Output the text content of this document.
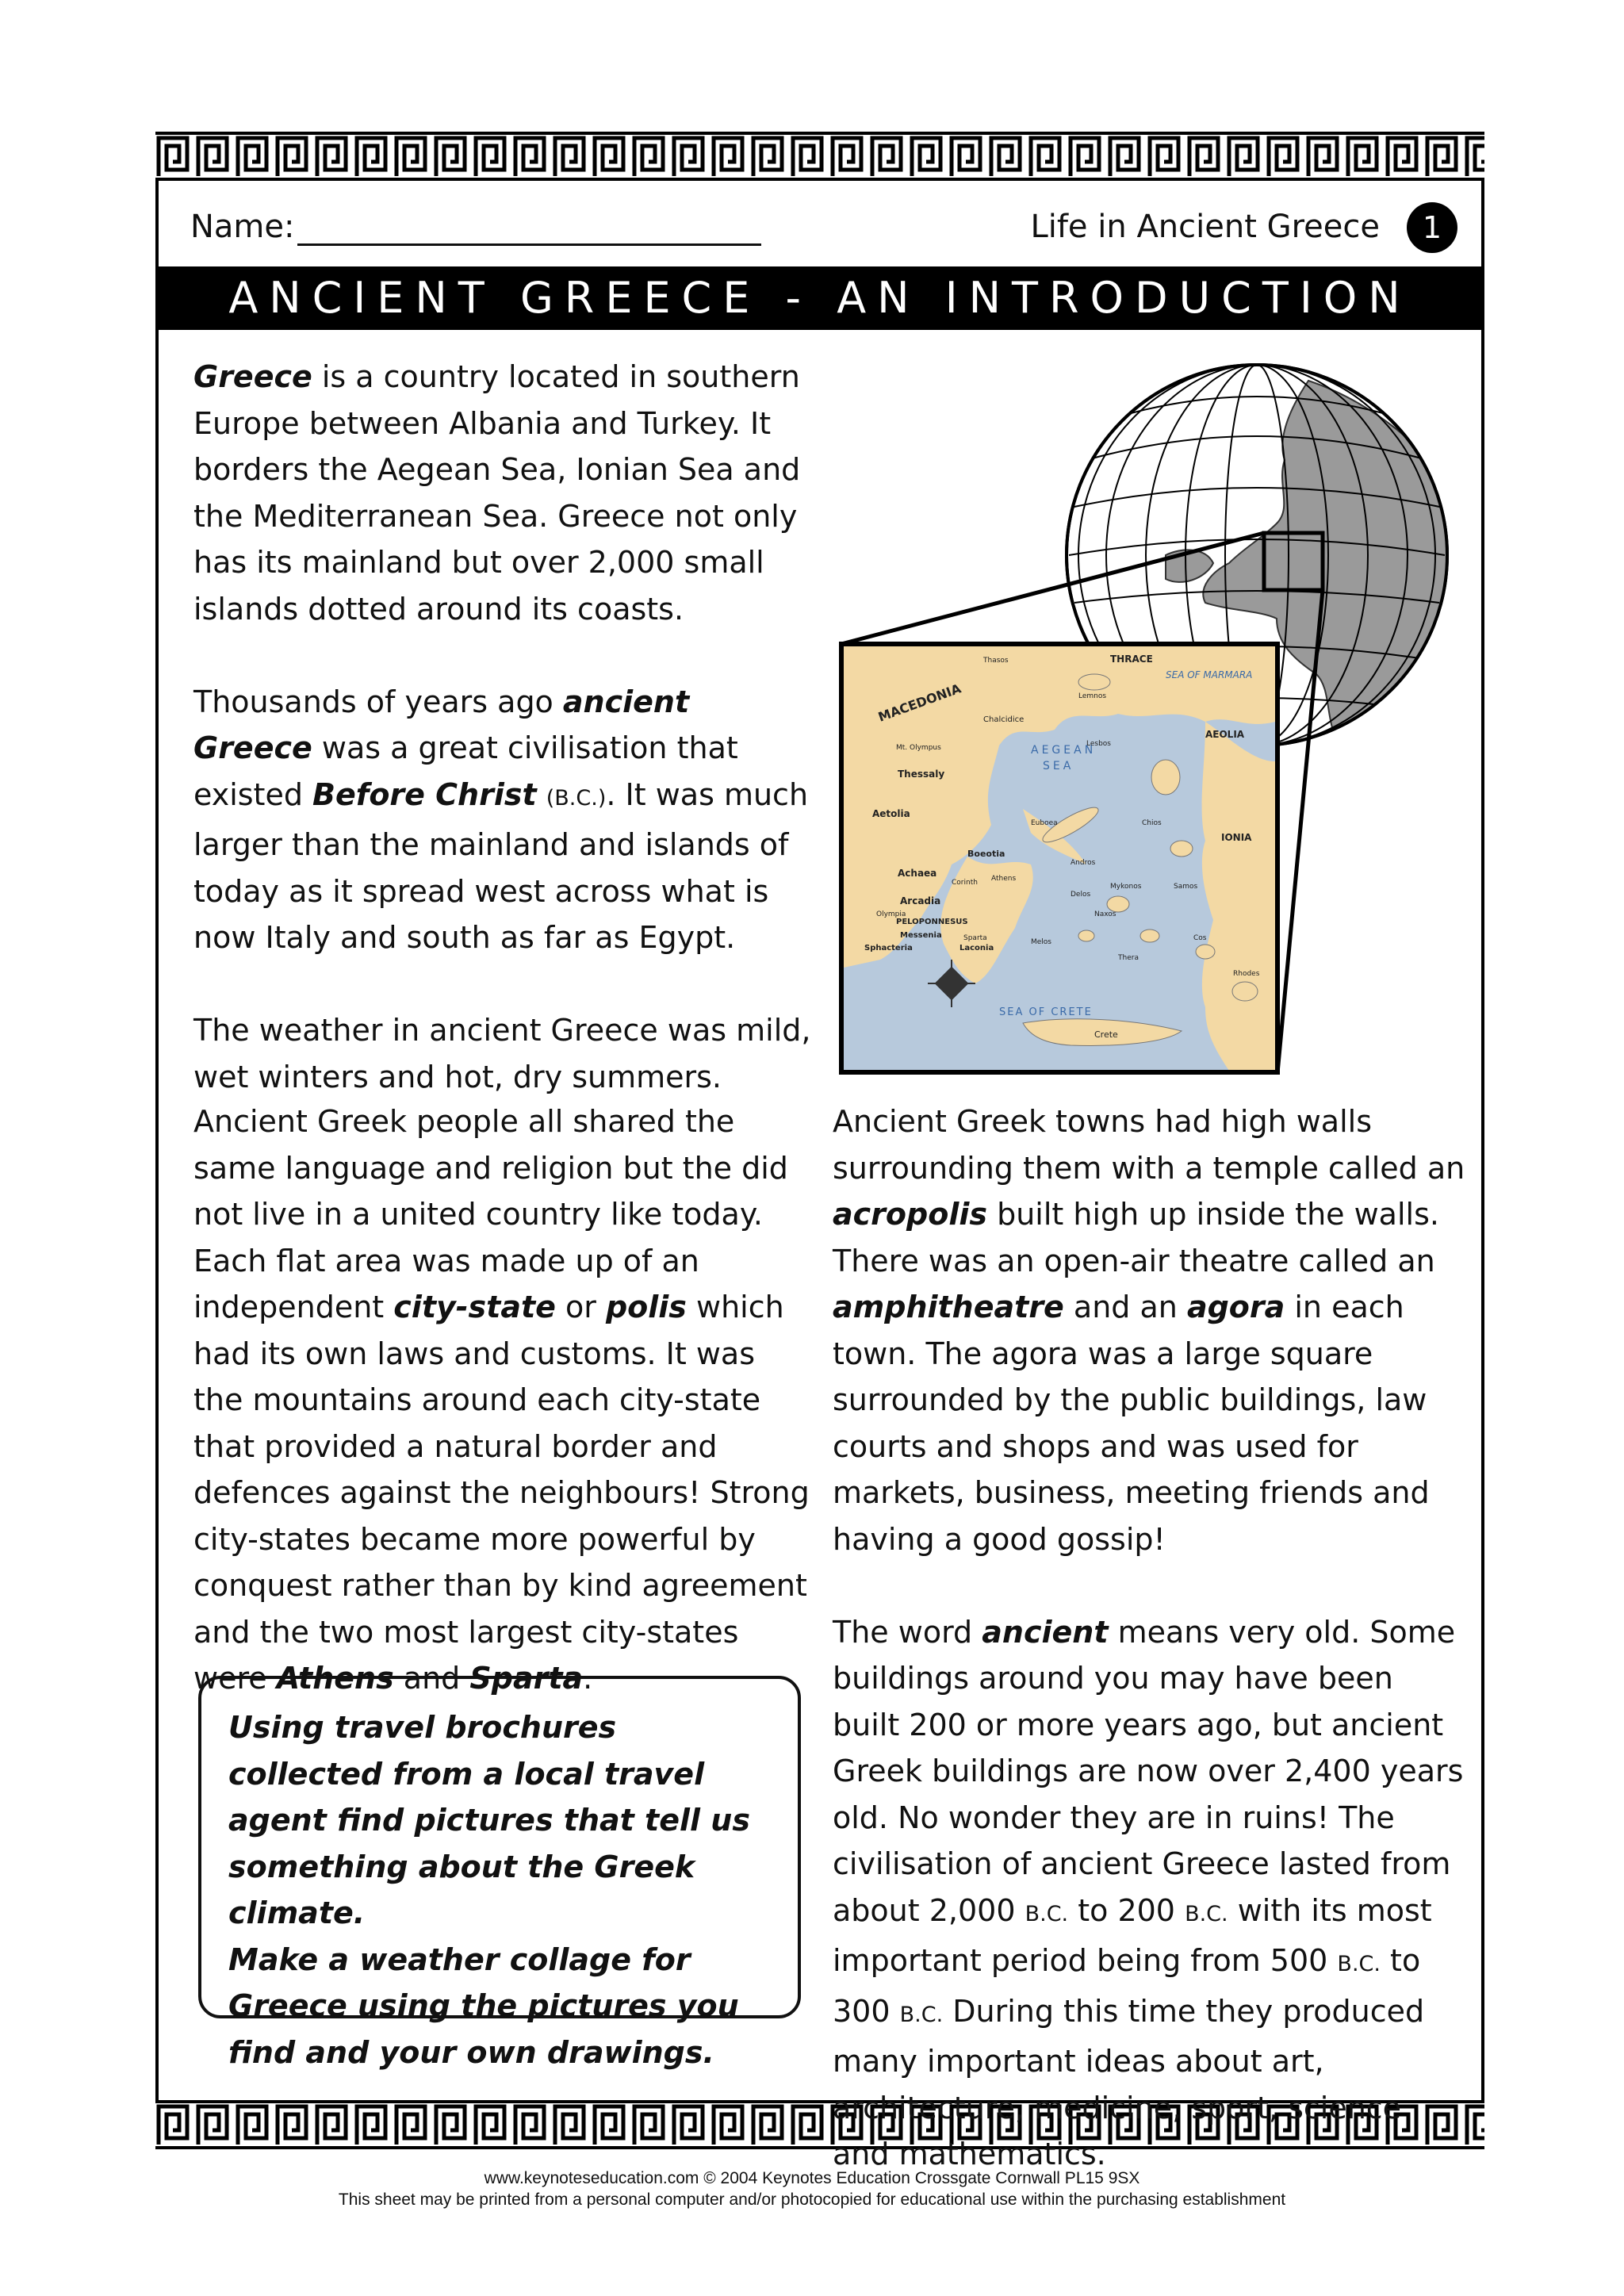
Name:	Life in Ancient Greece	1
ANCIENT GREECE - AN INTRODUCTION

Greece is a country located in southern Europe between Albania and Turkey. It borders the Aegean Sea, Ionian Sea and the Mediterranean Sea. Greece not only has its mainland but over 2,000 small islands dotted around its coasts.

Thousands of years ago ancient Greece was a great civilisation that existed Before Christ (B.C.). It was much larger than the mainland and islands of today as it spread west across what is now Italy and south as far as Egypt.

The weather in ancient Greece was mild, wet winters and hot, dry summers.

MACEDONIA
THRACE
SEA OF MARMARA
AEOLIA
IONIA
AEGEAN
SEA
SEA OF CRETE
Crete
Thessaly
Aetolia
Boeotia
Chalcidice
Achaea
Arcadia
PELOPONNESUS
Messenia
Laconia
Sphacteria
Thasos
Lesbos
Chios
Samos
Naxos
Delos
Cos
Rhodes
Mt. Olympus
Sparta
Athens
Olympia
Corinth
Euboea
Lemnos
Melos
Thera
Mykonos
Andros

Ancient Greek people all shared the same language and religion but the did not live in a united country like today. Each flat area was made up of an independent city-state or polis which had its own laws and customs. It was the mountains around each city-state that provided a natural border and defences against the neighbours! Strong city-states became more powerful by conquest rather than by kind agreement and the two most largest city-states were Athens and Sparta.

Using travel brochures collected from a local travel agent find pictures that tell us something about the Greek climate.

Make a weather collage for Greece using the pictures you find and your own drawings.

Ancient Greek towns had high walls surrounding them with a temple called an acropolis built high up inside the walls. There was an open-air theatre called an amphitheatre and an agora in each town. The agora was a large square surrounded by the public buildings, law courts and shops and was used for markets, business, meeting friends and having a good gossip!

The word ancient means very old. Some buildings around you may have been built 200 or more years ago, but ancient Greek buildings are now over 2,400 years old. No wonder they are in ruins! The civilisation of ancient Greece lasted from about 2,000 B.C. to 200 B.C. with its most important period being from 500 B.C. to 300 B.C. During this time they produced many important ideas about art, architecture, medicine, sport, science and mathematics.

www.keynoteseducation.com © 2004 Keynotes Education Crossgate Cornwall PL15 9SX
This sheet may be printed from a personal computer and/or photocopied for educational use within the purchasing establishment
